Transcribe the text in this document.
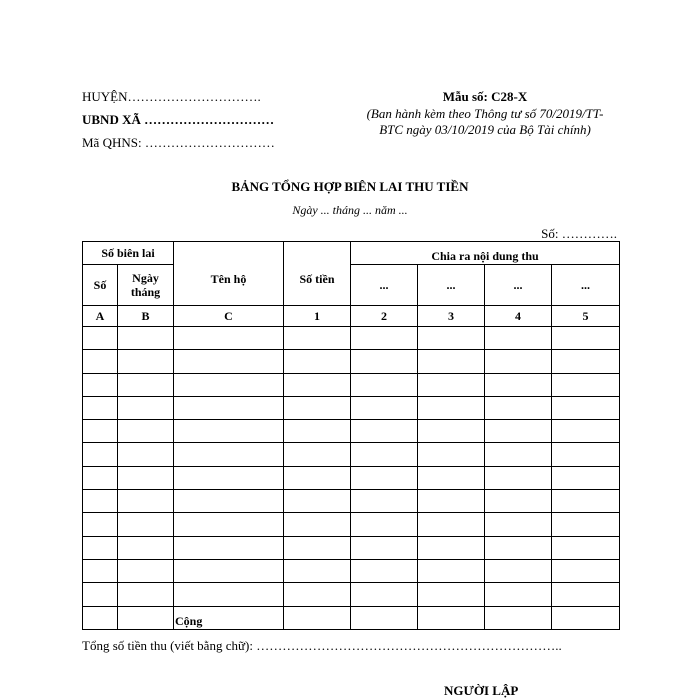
HUYỆN………………………….
UBND XÃ …………………………
Mã QHNS: …………………………
Mẫu số: C28-X
(Ban hành kèm theo Thông tư số 70/2019/TT-
BTC ngày 03/10/2019 của Bộ Tài chính)
BẢNG TỔNG HỢP BIÊN LAI THU TIỀN
Ngày ... tháng ... năm ...
Số: ………….
Số biên lai		Tên hộ	Số tiền	Chia ra nội dung thu			
Số	Ngày tháng			...	...	...	...
A	B	C	1	2	3	4	5

		Cộng					
Tổng số tiền thu (viết bằng chữ): ……………………………………………………………..
NGƯỜI LẬP
